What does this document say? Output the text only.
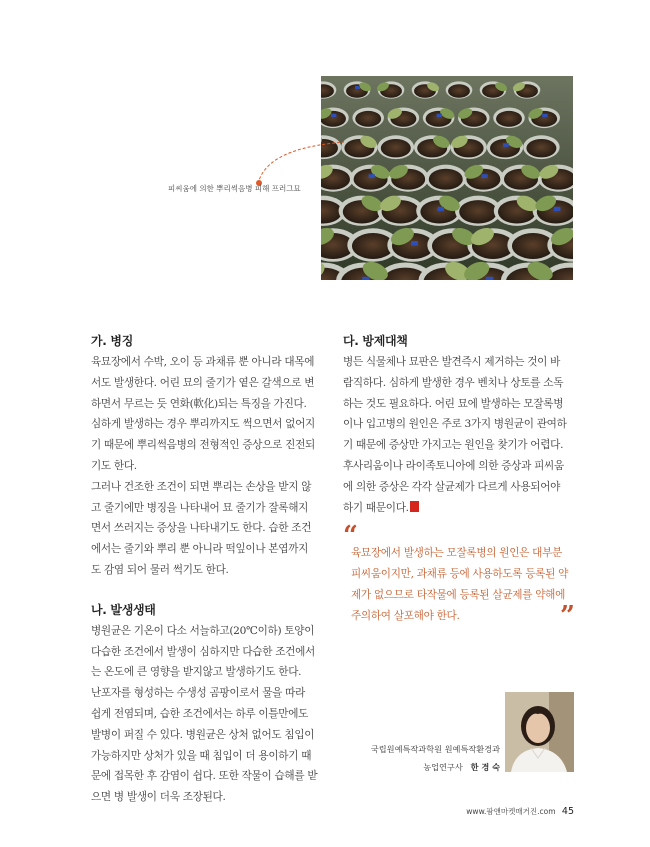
피씨움에 의한 뿌리썩음병 피해 프러그묘
가. 병징

육묘장에서 수박, 오이 등 과채류 뿐 아니라 대목에

서도 발생한다. 어린 묘의 줄기가 옅은 갈색으로 변

하면서 무르는 듯 연화(軟化)되는 특징을 가진다.

심하게 발생하는 경우 뿌리까지도 썩으면서 없어지

기 때문에 뿌리썩음병의 전형적인 증상으로 진전되

기도 한다.

그러나 건조한 조건이 되면 뿌리는 손상을 받지 않

고 줄기에만 병징을 나타내어 묘 줄기가 잘록해지

면서 쓰러지는 증상을 나타내기도 한다. 습한 조건

에서는 줄기와 뿌리 뿐 아니라 떡잎이나 본엽까지

도 감염 되어 물러 썩기도 한다.

나. 발생생태

병원균은 기온이 다소 서늘하고(20℃이하) 토양이

다습한 조건에서 발생이 심하지만 다습한 조건에서

는 온도에 큰 영향을 받지않고 발생하기도 한다.

난포자를 형성하는 수생성 곰팡이로서 물을 따라

쉽게 전염되며, 습한 조건에서는 하루 이틀만에도

발병이 퍼질 수 있다. 병원균은 상처 없어도 침입이

가능하지만 상처가 있을 때 침입이 더 용이하기 때

문에 접목한 후 감염이 쉽다. 또한 작물이 습해를 받

으면 병 발생이 더욱 조장된다.

다. 방제대책

병든 식물체나 묘판은 발견즉시 제거하는 것이 바

람직하다. 심하게 발생한 경우 벤치나 상토를 소독

하는 것도 필요하다. 어린 묘에 발생하는 모잘록병

이나 입고병의 원인은 주로 3가지 병원균이 관여하

기 때문에 증상만 가지고는 원인을 찾기가 어렵다.

후사리움이나 라이족토니아에 의한 증상과 피씨움

에 의한 증상은 각각 살균제가 다르게 사용되어야

하기 때문이다.

“

육묘장에서 발생하는 모잘록병의 원인은 대부분

피씨움이지만, 과채류 등에 사용하도록 등록된 약

제가 없으므로 타작물에 등록된 살균제를 약해에

주의하여 살포해야 한다.	”
국립원예특작과학원 원예특작환경과
농업연구사 한 경 숙
www.팜앤마켓매거진.com 45
